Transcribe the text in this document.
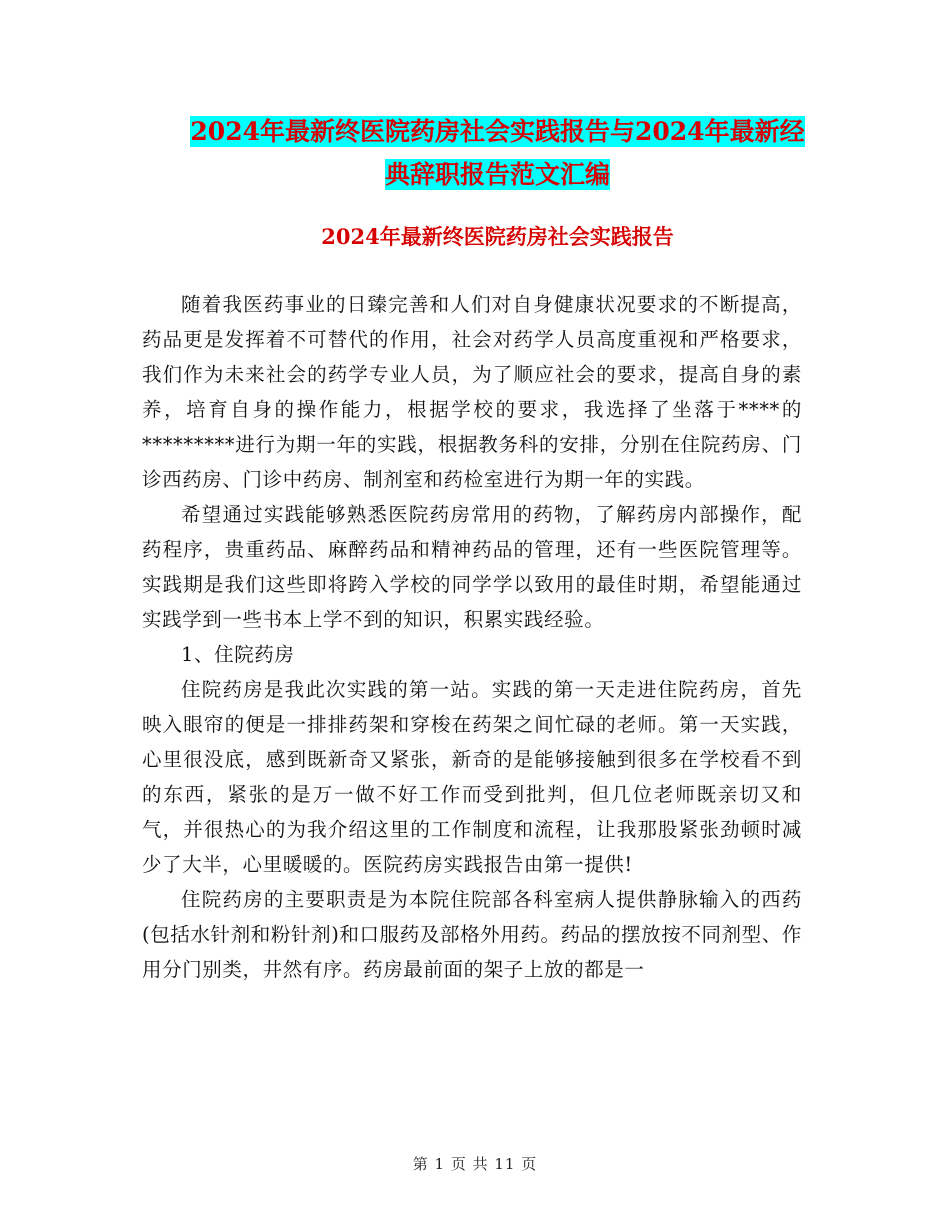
2024年最新终医院药房社会实践报告与2024年最新经
典辞职报告范文汇编
2024年最新终医院药房社会实践报告

随着我医药事业的日臻完善和人们对自身健康状况要求的不断提高，药品更是发挥着不可替代的作用，社会对药学人员高度重视和严格要求，我们作为未来社会的药学专业人员，为了顺应社会的要求，提高自身的素养，培育自身的操作能力，根据学校的要求，我选择了坐落于****的*********进行为期一年的实践，根据教务科的安排，分别在住院药房、门诊西药房、门诊中药房、制剂室和药检室进行为期一年的实践。

希望通过实践能够熟悉医院药房常用的药物，了解药房内部操作，配药程序，贵重药品、麻醉药品和精神药品的管理，还有一些医院管理等。实践期是我们这些即将跨入学校的同学学以致用的最佳时期，希望能通过实践学到一些书本上学不到的知识，积累实践经验。

1、住院药房

住院药房是我此次实践的第一站。实践的第一天走进住院药房，首先映入眼帘的便是一排排药架和穿梭在药架之间忙碌的老师。第一天实践，心里很没底，感到既新奇又紧张，新奇的是能够接触到很多在学校看不到的东西，紧张的是万一做不好工作而受到批判，但几位老师既亲切又和气，并很热心的为我介绍这里的工作制度和流程，让我那股紧张劲顿时减少了大半，心里暖暖的。医院药房实践报告由第一提供!

住院药房的主要职责是为本院住院部各科室病人提供静脉输入的西药(包括水针剂和粉针剂)和口服药及部格外用药。药品的摆放按不同剂型、作用分门别类，井然有序。药房最前面的架子上放的都是一

第 1 页 共 11 页
